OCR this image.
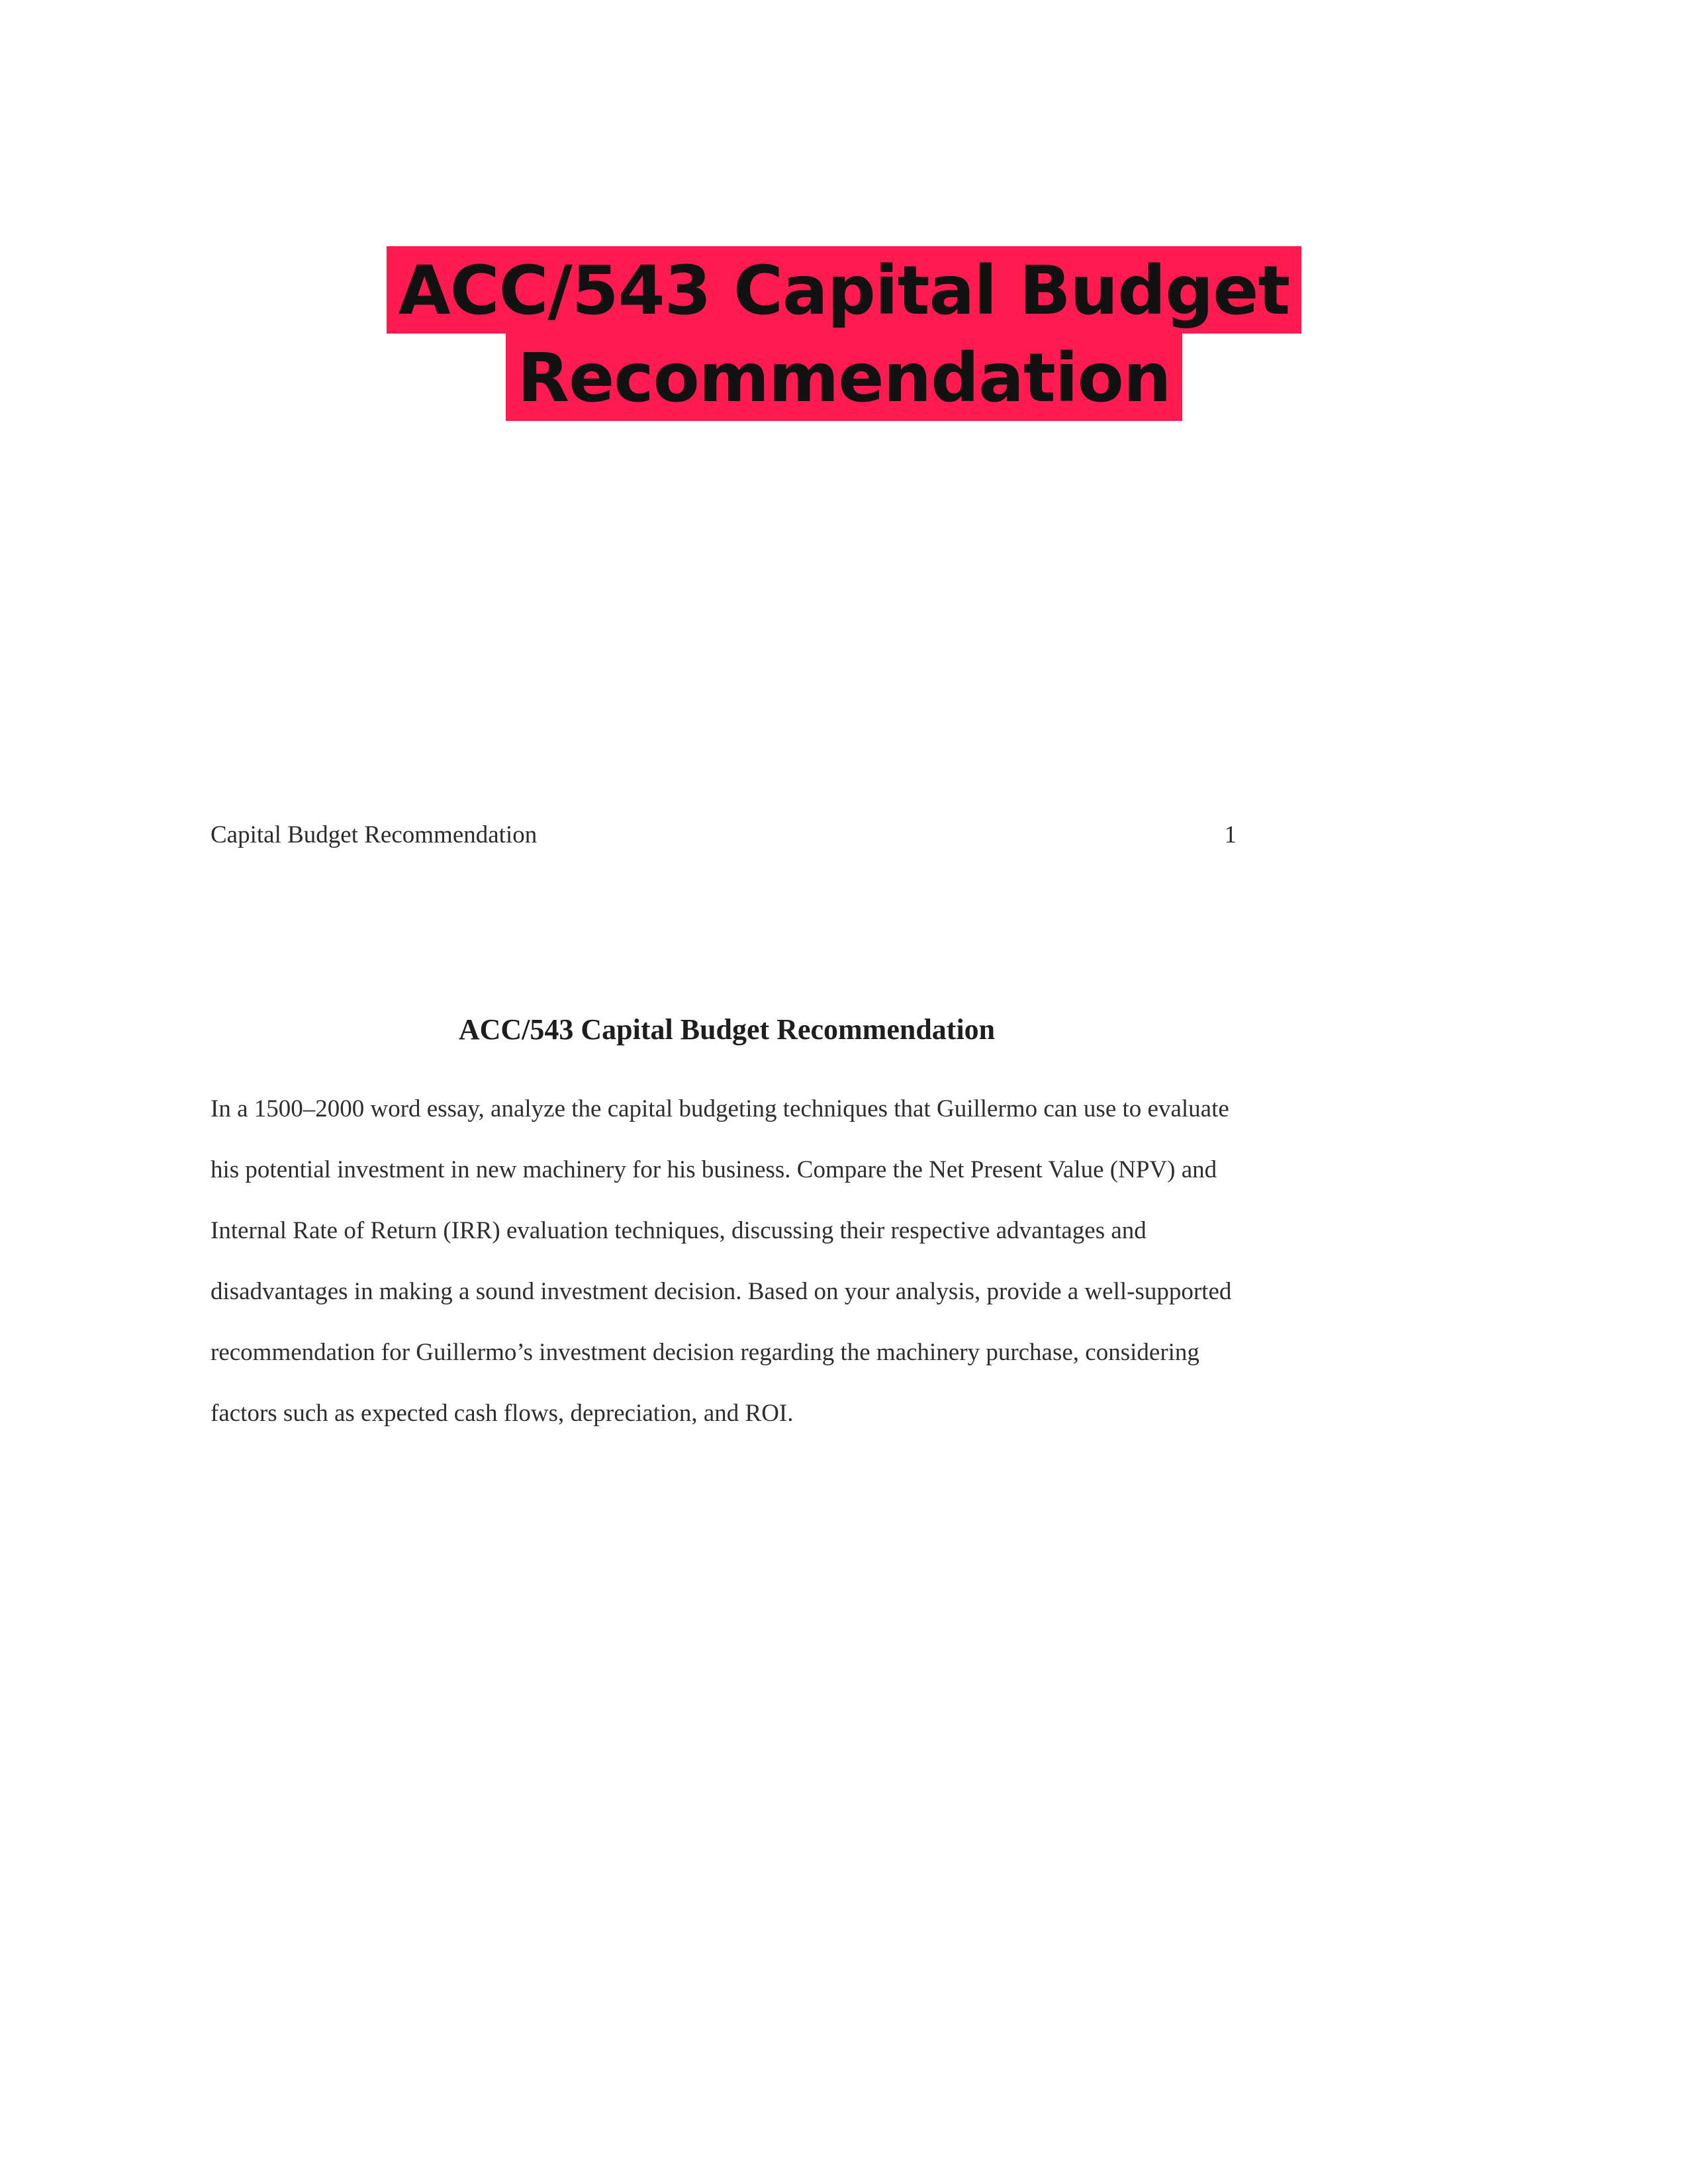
ACC/543 Capital Budget
Recommendation
Capital Budget Recommendation	1
ACC/543 Capital Budget Recommendation

In a 1500–2000 word essay, analyze the capital budgeting techniques that Guillermo can use to evaluate his potential investment in new machinery for his business. Compare the Net Present Value (NPV) and Internal Rate of Return (IRR) evaluation techniques, discussing their respective advantages and disadvantages in making a sound investment decision. Based on your analysis, provide a well-supported recommendation for Guillermo’s investment decision regarding the machinery purchase, considering factors such as expected cash flows, depreciation, and ROI.
